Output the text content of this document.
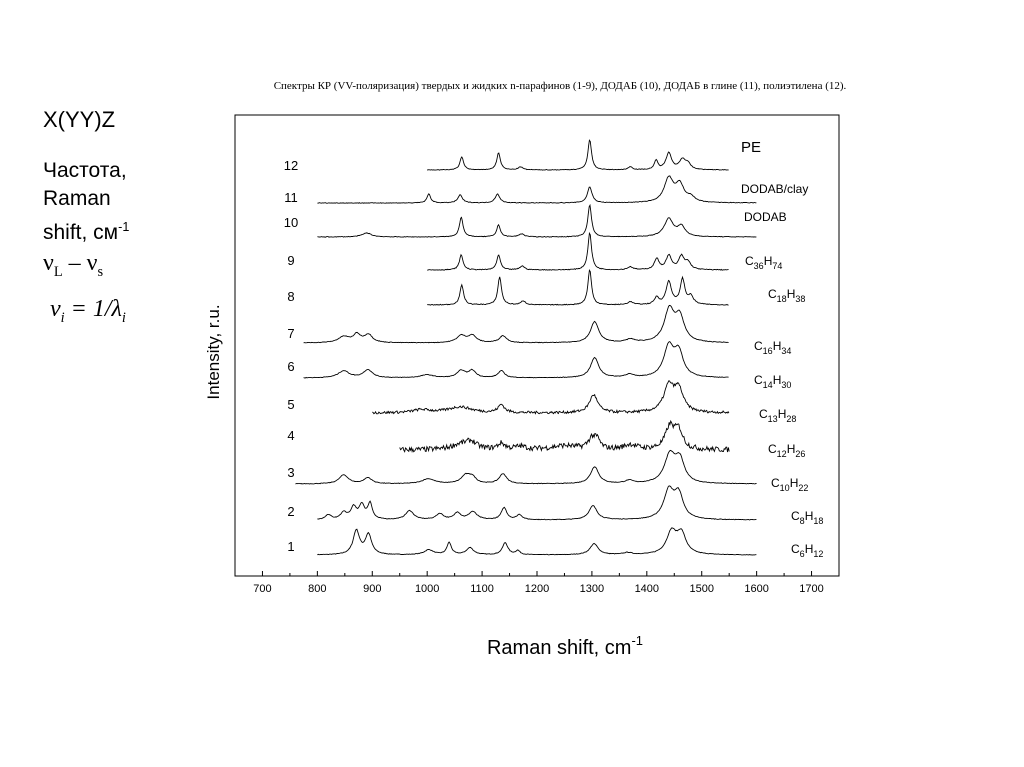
Спектры КР (VV-поляризация) твердых и жидких n-парафинов (1-9), ДОДАБ (10), ДОДАБ в глине (11), полиэтилена (12).
X(YY)Z
Частота,
Raman
shift, $см^{-1}$
$\nu_L - \nu_s$
$\nu_i = 1/\lambda_i$
700	800	900	1000	1100	1200	1300	1400	1500	1600	1700
1	$C_6H_{12}$
2	$C_8H_{18}$
3
$C_{10}H_{22}$
4
$C_{12}H_{26}$
5
$C_{13}H_{28}$
6
$C_{14}H_{30}$
7
$C_{16}H_{34}$
8	$C_{18}H_{38}$
9	$C_{36}H_{74}$
10	DODAB
11
DODAB/clay
12
PE
Raman shift, $cm^{-1}$
Intensity, r.u.
